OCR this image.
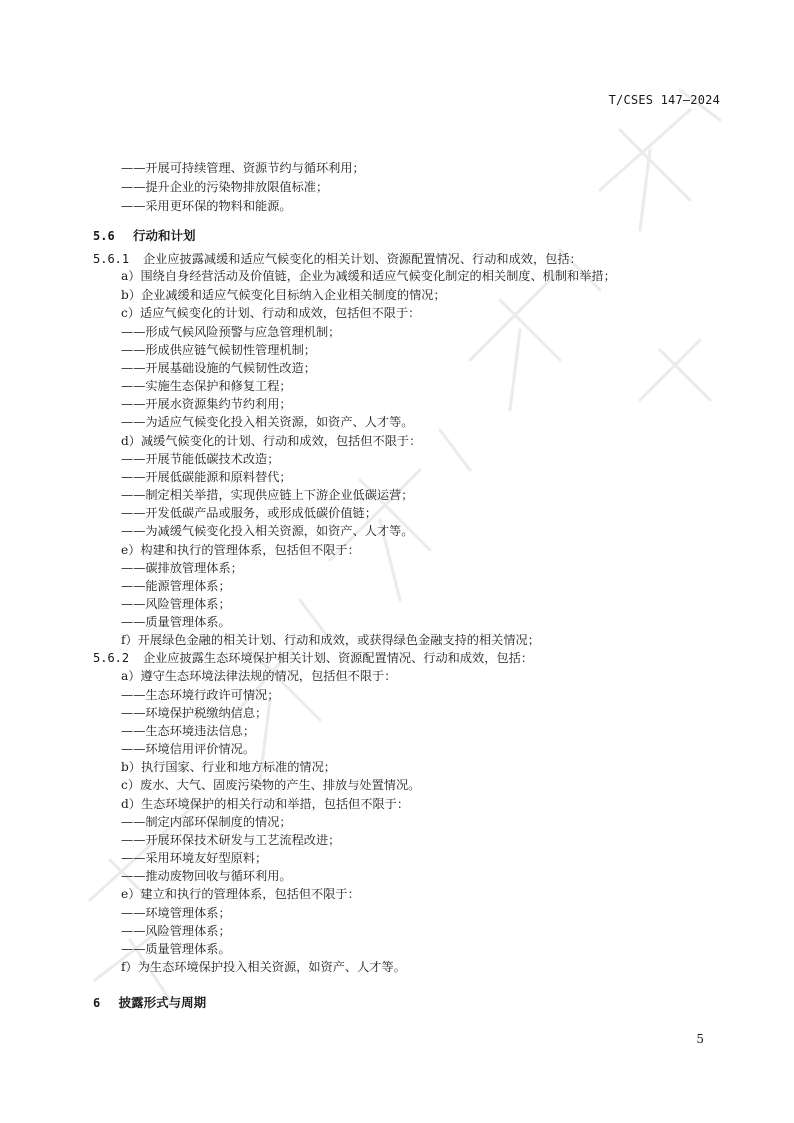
T/CSES 147—2024
——开展可持续管理、资源节约与循环利用；
——提升企业的污染物排放限值标准；
——采用更环保的物料和能源。
5.6 行动和计划
5.6.1 企业应披露减缓和适应气候变化的相关计划、资源配置情况、行动和成效，包括：
a）围绕自身经营活动及价值链，企业为减缓和适应气候变化制定的相关制度、机制和举措；
b）企业减缓和适应气候变化目标纳入企业相关制度的情况；
c）适应气候变化的计划、行动和成效，包括但不限于：
——形成气候风险预警与应急管理机制；
——形成供应链气候韧性管理机制；
——开展基础设施的气候韧性改造；
——实施生态保护和修复工程；
——开展水资源集约节约利用；
——为适应气候变化投入相关资源，如资产、人才等。
d）减缓气候变化的计划、行动和成效，包括但不限于：
——开展节能低碳技术改造；
——开展低碳能源和原料替代；
——制定相关举措，实现供应链上下游企业低碳运营；
——开发低碳产品或服务，或形成低碳价值链；
——为减缓气候变化投入相关资源，如资产、人才等。
e）构建和执行的管理体系，包括但不限于：
——碳排放管理体系；
——能源管理体系；
——风险管理体系；
——质量管理体系。
f）开展绿色金融的相关计划、行动和成效，或获得绿色金融支持的相关情况；
5.6.2 企业应披露生态环境保护相关计划、资源配置情况、行动和成效，包括：
a）遵守生态环境法律法规的情况，包括但不限于：
——生态环境行政许可情况；
——环境保护税缴纳信息；
——生态环境违法信息；
——环境信用评价情况。
b）执行国家、行业和地方标准的情况；
c）废水、大气、固废污染物的产生、排放与处置情况。
d）生态环境保护的相关行动和举措，包括但不限于：
——制定内部环保制度的情况；
——开展环保技术研发与工艺流程改进；
——采用环境友好型原料；
——推动废物回收与循环利用。
e）建立和执行的管理体系，包括但不限于：
——环境管理体系；
——风险管理体系；
——质量管理体系。
f）为生态环境保护投入相关资源，如资产、人才等。
6 披露形式与周期
5
